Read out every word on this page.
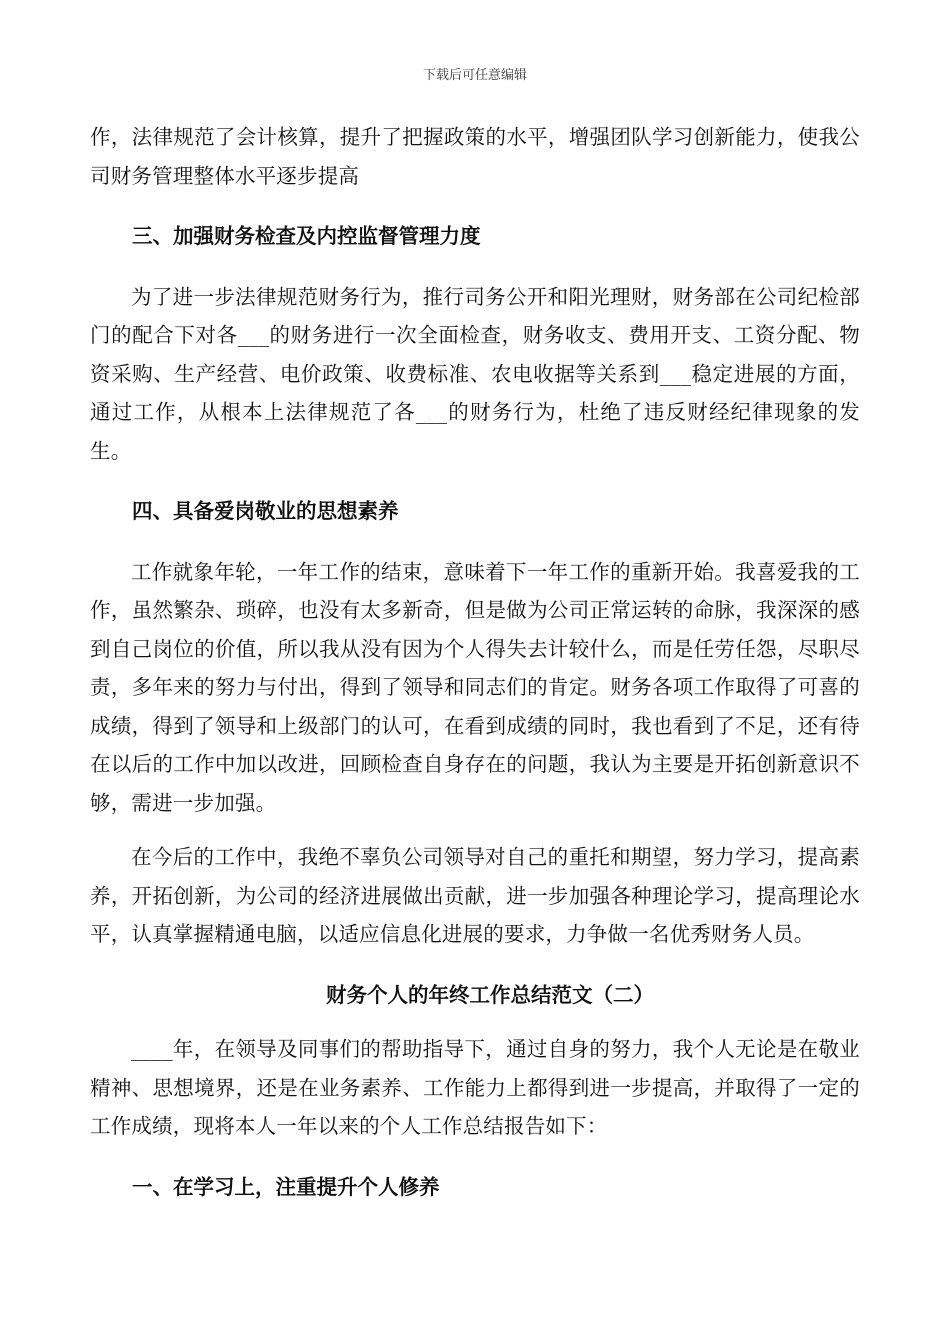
下载后可任意编辑

作，法律规范了会计核算，提升了把握政策的水平，增强团队学习创新能力，使我公司财务管理整体水平逐步提高

三、加强财务检查及内控监督管理力度

为了进一步法律规范财务行为，推行司务公开和阳光理财，财务部在公司纪检部门的配合下对各___的财务进行一次全面检查，财务收支、费用开支、工资分配、物资采购、生产经营、电价政策、收费标准、农电收据等关系到___稳定进展的方面，通过工作，从根本上法律规范了各___的财务行为，杜绝了违反财经纪律现象的发生。

四、具备爱岗敬业的思想素养

工作就象年轮，一年工作的结束，意味着下一年工作的重新开始。我喜爱我的工作，虽然繁杂、琐碎，也没有太多新奇，但是做为公司正常运转的命脉，我深深的感到自己岗位的价值，所以我从没有因为个人得失去计较什么，而是任劳任怨，尽职尽责，多年来的努力与付出，得到了领导和同志们的肯定。财务各项工作取得了可喜的成绩，得到了领导和上级部门的认可，在看到成绩的同时，我也看到了不足，还有待在以后的工作中加以改进，回顾检查自身存在的问题，我认为主要是开拓创新意识不够，需进一步加强。

在今后的工作中，我绝不辜负公司领导对自己的重托和期望，努力学习，提高素养，开拓创新，为公司的经济进展做出贡献，进一步加强各种理论学习，提高理论水平，认真掌握精通电脑，以适应信息化进展的要求，力争做一名优秀财务人员。

财务个人的年终工作总结范文（二）

____年，在领导及同事们的帮助指导下，通过自身的努力，我个人无论是在敬业精神、思想境界，还是在业务素养、工作能力上都得到进一步提高，并取得了一定的工作成绩，现将本人一年以来的个人工作总结报告如下：

一、在学习上，注重提升个人修养
